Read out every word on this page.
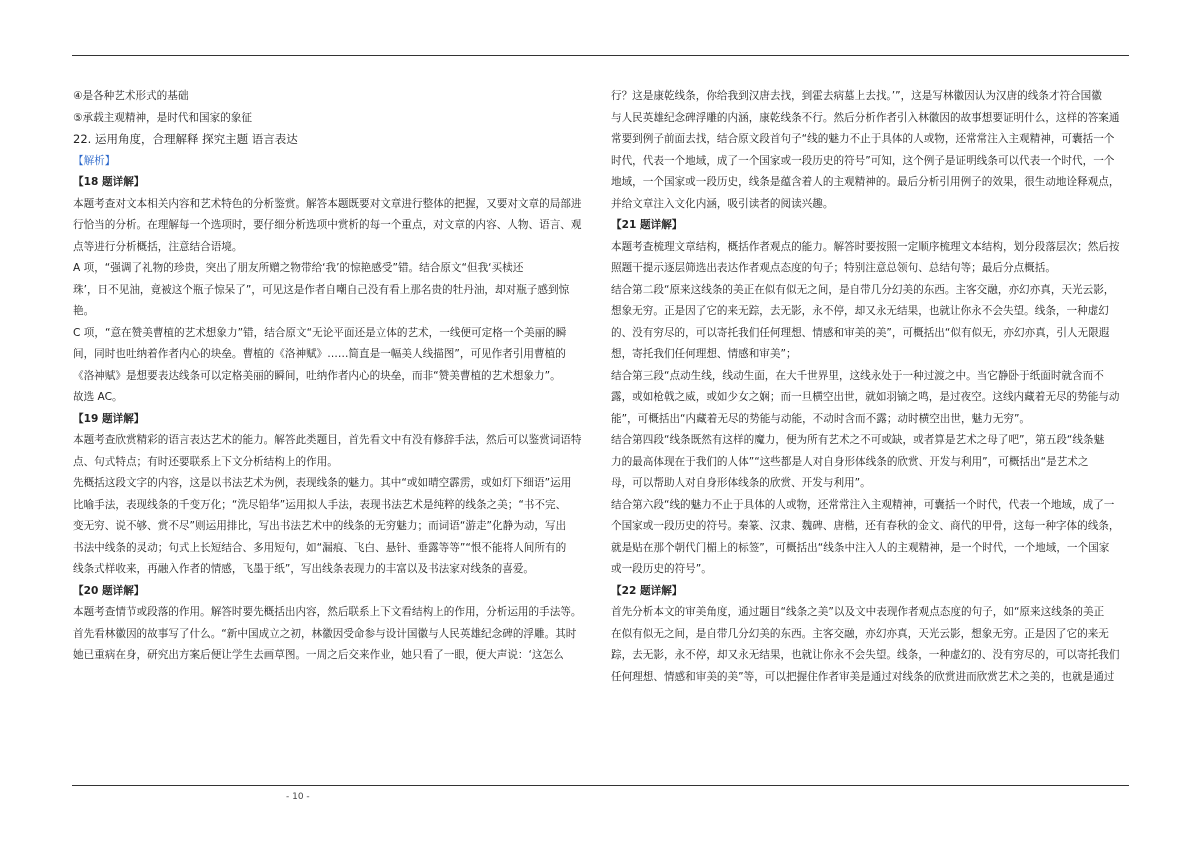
④是各种艺术形式的基础
⑤承载主观精神，是时代和国家的象征
22. 运用角度，合理解释 探究主题 语言表达
【解析】
【18 题详解】
本题考查对文本相关内容和艺术特色的分析鉴赏。解答本题既要对文章进行整体的把握，又要对文章的局部进
行恰当的分析。在理解每一个选项时，要仔细分析选项中赏析的每一个重点，对文章的内容、人物、语言、观
点等进行分析概括，注意结合语境。
A 项，“强调了礼物的珍贵，突出了朋友所赠之物带给‘我’的惊艳感受”错。结合原文“但我‘买椟还
珠’，日不见油，竟被这个瓶子惊呆了”，可见这是作者自嘲自己没有看上那名贵的牡丹油，却对瓶子感到惊
艳。
C 项，“意在赞美曹植的艺术想象力”错，结合原文“无论平面还是立体的艺术，一线便可定格一个美丽的瞬
间，同时也吐纳着作者内心的块垒。曹植的《洛神赋》……简直是一幅美人线描图”，可见作者引用曹植的
《洛神赋》是想要表达线条可以定格美丽的瞬间，吐纳作者内心的块垒，而非“赞美曹植的艺术想象力”。
故选 AC。
【19 题详解】
本题考查欣赏精彩的语言表达艺术的能力。解答此类题目，首先看文中有没有修辞手法，然后可以鉴赏词语特
点、句式特点；有时还要联系上下文分析结构上的作用。
先概括这段文字的内容，这是以书法艺术为例，表现线条的魅力。其中“或如晴空霹雳，或如灯下细语”运用
比喻手法，表现线条的千变万化；“洗尽铅华”运用拟人手法，表现书法艺术是纯粹的线条之美；“书不完、
变无穷、说不够、赏不尽”则运用排比，写出书法艺术中的线条的无穷魅力；而词语“游走”化静为动，写出
书法中线条的灵动；句式上长短结合、多用短句，如“漏痕、飞白、悬针、垂露等等”“恨不能将人间所有的
线条式样收来，再融入作者的情感，飞墨于纸”，写出线条表现力的丰富以及书法家对线条的喜爱。
【20 题详解】
本题考查情节或段落的作用。解答时要先概括出内容，然后联系上下文看结构上的作用，分析运用的手法等。
首先看林徽因的故事写了什么。“新中国成立之初，林徽因受命参与设计国徽与人民英雄纪念碑的浮雕。其时
她已重病在身，研究出方案后便让学生去画草图。一周之后交来作业，她只看了一眼，便大声说：‘这怎么
行？这是康乾线条，你给我到汉唐去找，到霍去病墓上去找。’”，这是写林徽因认为汉唐的线条才符合国徽
与人民英雄纪念碑浮雕的内涵，康乾线条不行。然后分析作者引入林徽因的故事想要证明什么，这样的答案通
常要到例子前面去找，结合原文段首句子“线的魅力不止于具体的人或物，还常常注入主观精神，可囊括一个
时代，代表一个地域，成了一个国家或一段历史的符号”可知，这个例子是证明线条可以代表一个时代，一个
地域，一个国家或一段历史，线条是蕴含着人的主观精神的。最后分析引用例子的效果，很生动地诠释观点，
并给文章注入文化内涵，吸引读者的阅读兴趣。
【21 题详解】
本题考查梳理文章结构，概括作者观点的能力。解答时要按照一定顺序梳理文本结构，划分段落层次；然后按
照题干提示逐层筛选出表达作者观点态度的句子；特别注意总领句、总结句等；最后分点概括。
结合第二段“原来这线条的美正在似有似无之间，是自带几分幻美的东西。主客交融，亦幻亦真，天光云影，
想象无穷。正是因了它的来无踪，去无影，永不停，却又永无结果，也就让你永不会失望。线条，一种虚幻
的、没有穷尽的，可以寄托我们任何理想、情感和审美的美”，可概括出“似有似无，亦幻亦真，引人无限遐
想，寄托我们任何理想、情感和审美”；
结合第三段“点动生线，线动生面，在大千世界里，这线永处于一种过渡之中。当它静卧于纸面时就含而不
露，或如枪戟之威，或如少女之娴；而一旦横空出世，就如羽镝之鸣，是过夜空。这线内藏着无尽的势能与动
能”，可概括出“内藏着无尽的势能与动能，不动时含而不露；动时横空出世，魅力无穷”。
结合第四段“线条既然有这样的魔力，便为所有艺术之不可或缺，或者算是艺术之母了吧”，第五段“线条魅
力的最高体现在于我们的人体”“这些都是人对自身形体线条的欣赏、开发与利用”，可概括出“是艺术之
母，可以帮助人对自身形体线条的欣赏、开发与利用”。
结合第六段“线的魅力不止于具体的人或物，还常常注入主观精神，可囊括一个时代，代表一个地域，成了一
个国家或一段历史的符号。秦篆、汉隶、魏碑、唐楷，还有春秋的金文、商代的甲骨，这每一种字体的线条，
就是贴在那个朝代门楣上的标签”，可概括出“线条中注入人的主观精神，是一个时代，一个地域，一个国家
或一段历史的符号”。
【22 题详解】
首先分析本文的审美角度，通过题目“线条之美”以及文中表现作者观点态度的句子，如“原来这线条的美正
在似有似无之间，是自带几分幻美的东西。主客交融，亦幻亦真，天光云影，想象无穷。正是因了它的来无
踪，去无影，永不停，却又永无结果，也就让你永不会失望。线条，一种虚幻的、没有穷尽的，可以寄托我们
任何理想、情感和审美的美”等，可以把握住作者审美是通过对线条的欣赏进而欣赏艺术之美的，也就是通过
- 10 -
